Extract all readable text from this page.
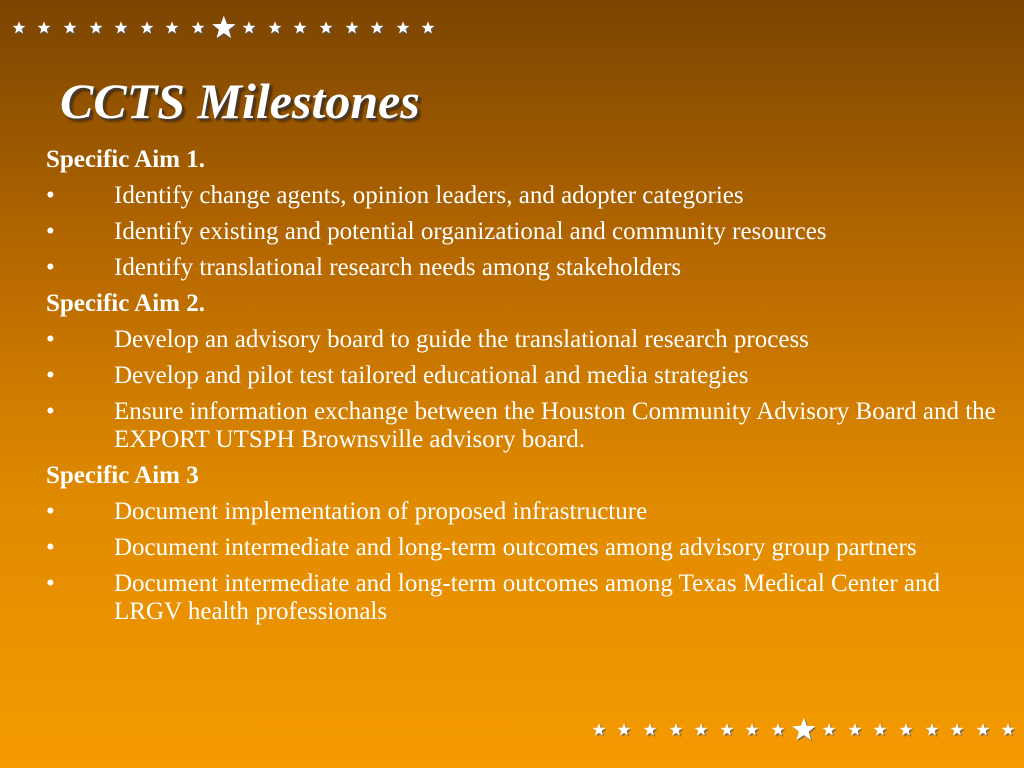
CCTS Milestones
Specific Aim 1.
•	Identify change agents, opinion leaders, and adopter categories
•	Identify existing and potential organizational and community resources
•	Identify translational research needs among stakeholders
Specific Aim 2.
•	Develop an advisory board to guide the translational research process
•	Develop and pilot test tailored educational and media strategies
•	Ensure information exchange between the Houston Community Advisory Board and the EXPORT UTSPH Brownsville advisory board.
Specific Aim 3
•	Document implementation of proposed infrastructure
•	Document intermediate and long-term outcomes among advisory group partners
•	Document intermediate and long-term outcomes among Texas Medical Center and LRGV health professionals
